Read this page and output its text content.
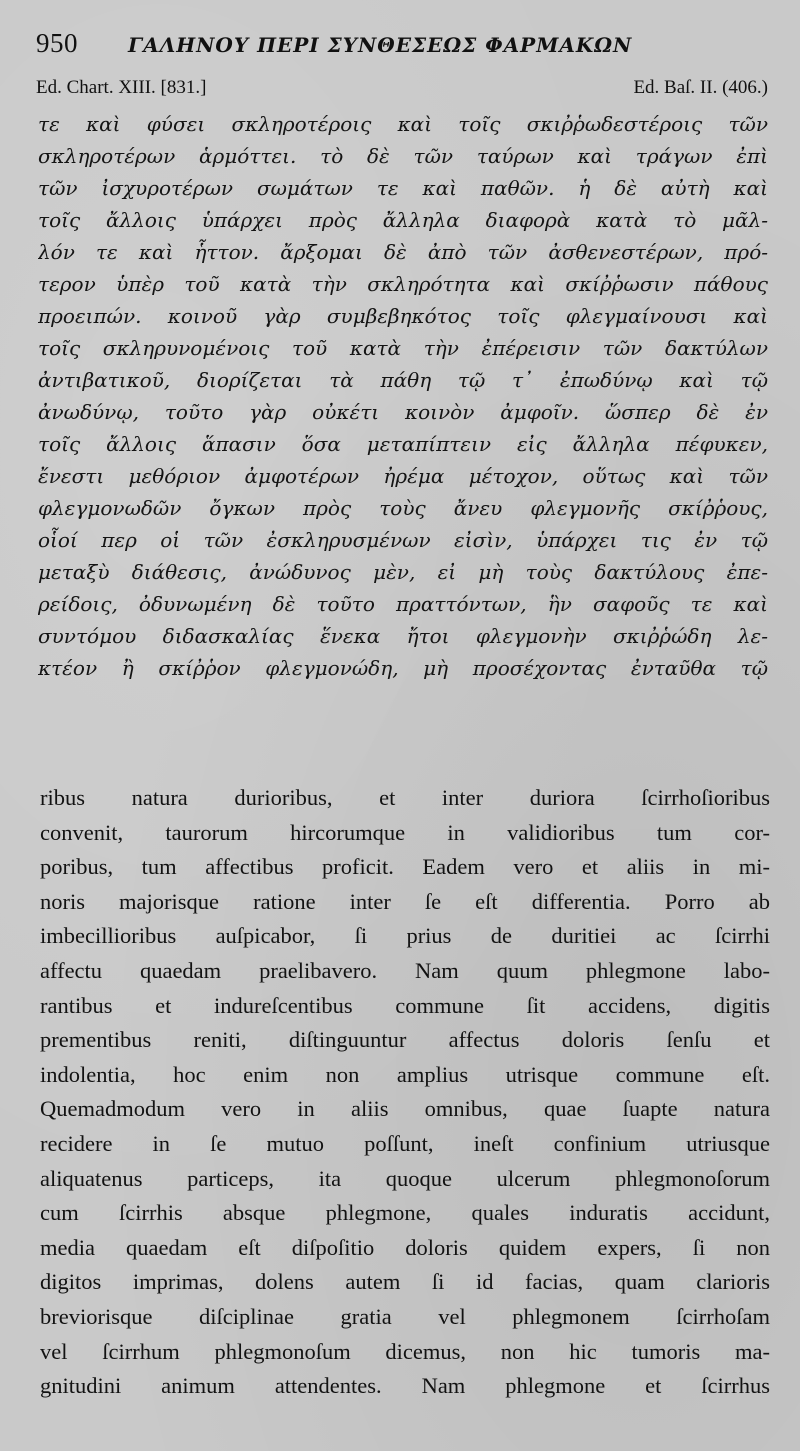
950	ΓΑΛΗΝΟΥ ΠΕΡΙ ΣΥΝΘΕΣΕΩΣ ΦΑΡΜΑΚΩΝ
Ed. Chart. XIII. [831.]	Ed. Baſ. II. (406.)
τε καὶ φύσει σκληροτέροις καὶ τοῖς σκιῤῥωδεστέροις τῶν
σκληροτέρων ἁρμόττει. τὸ δὲ τῶν ταύρων καὶ τράγων ἐπὶ
τῶν ἰσχυροτέρων σωμάτων τε καὶ παθῶν. ἡ δὲ αὐτὴ καὶ
τοῖς ἄλλοις ὑπάρχει πρὸς ἄλληλα διαφορὰ κατὰ τὸ μᾶλ-
λόν τε καὶ ἧττον. ἄρξομαι δὲ ἀπὸ τῶν ἀσθενεστέρων, πρό-
τερον ὑπὲρ τοῦ κατὰ τὴν σκληρότητα καὶ σκίῤῥωσιν πάθους
προειπών. κοινοῦ γὰρ συμβεβηκότος τοῖς φλεγμαίνουσι καὶ
τοῖς σκληρυνομένοις τοῦ κατὰ τὴν ἐπέρεισιν τῶν δακτύλων
ἀντιβατικοῦ, διορίζεται τὰ πάθη τῷ τ᾽ ἐπωδύνῳ καὶ τῷ
ἀνωδύνῳ, τοῦτο γὰρ οὐκέτι κοινὸν ἀμφοῖν. ὥσπερ δὲ ἐν
τοῖς ἄλλοις ἅπασιν ὅσα μεταπίπτειν εἰς ἄλληλα πέφυκεν,
ἔνεστι μεθόριον ἀμφοτέρων ἠρέμα μέτοχον, οὕτως καὶ τῶν
φλεγμονωδῶν ὄγκων πρὸς τοὺς ἄνευ φλεγμονῆς σκίῤῥους,
οἷοί περ οἱ τῶν ἐσκληρυσμένων εἰσὶν, ὑπάρχει τις ἐν τῷ
μεταξὺ διάθεσις, ἀνώδυνος μὲν, εἰ μὴ τοὺς δακτύλους ἐπε-
ρείδοις, ὀδυνωμένη δὲ τοῦτο πραττόντων, ἣν σαφοῦς τε καὶ
συντόμου διδασκαλίας ἕνεκα ἤτοι φλεγμονὴν σκιῤῥώδη λε-
κτέον ἢ σκίῤῥον φλεγμονώδη, μὴ προσέχοντας ἐνταῦθα τῷ
ribus natura durioribus, et inter duriora ſcirrhoſioribus
convenit, taurorum hircorumque in validioribus tum cor-
poribus, tum affectibus proficit. Eadem vero et aliis in mi-
noris majorisque ratione inter ſe eſt differentia. Porro ab
imbecillioribus auſpicabor, ſi prius de duritiei ac ſcirrhi
affectu quaedam praelibavero. Nam quum phlegmone labo-
rantibus et indureſcentibus commune ſit accidens, digitis
prementibus reniti, diſtinguuntur affectus doloris ſenſu et
indolentia, hoc enim non amplius utrisque commune eſt.
Quemadmodum vero in aliis omnibus, quae ſuapte natura
recidere in ſe mutuo poſſunt, ineſt confinium utriusque
aliquatenus particeps, ita quoque ulcerum phlegmonoſorum
cum ſcirrhis absque phlegmone, quales induratis accidunt,
media quaedam eſt diſpoſitio doloris quidem expers, ſi non
digitos imprimas, dolens autem ſi id facias, quam clarioris
breviorisque diſciplinae gratia vel phlegmonem ſcirrhoſam
vel ſcirrhum phlegmonoſum dicemus, non hic tumoris ma-
gnitudini animum attendentes. Nam phlegmone et ſcirrhus
